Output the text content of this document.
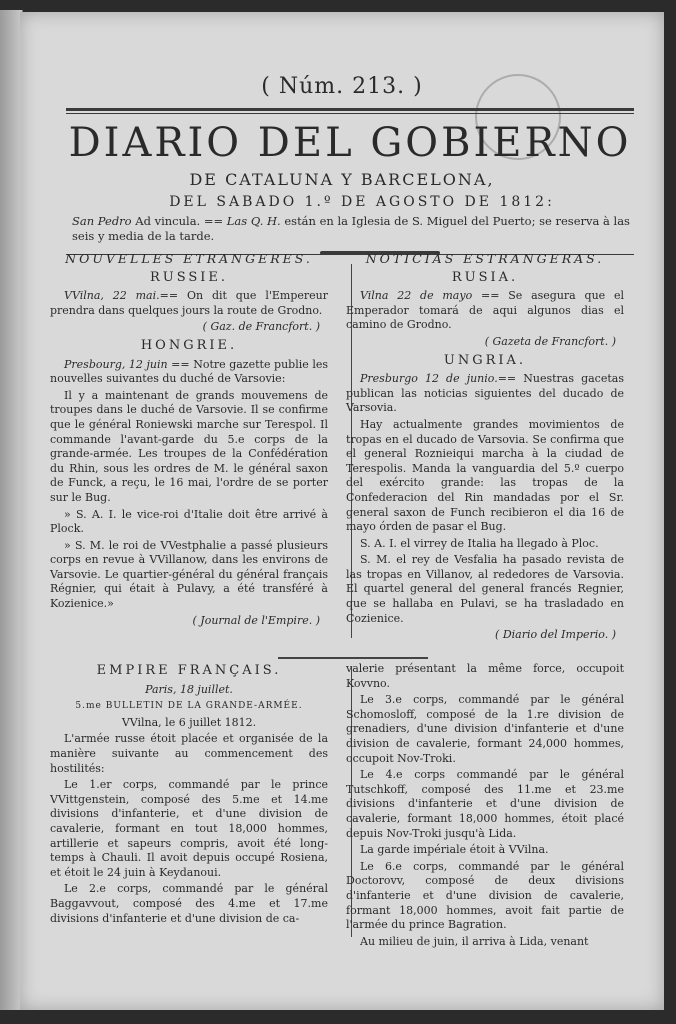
( Núm. 213. )
DIARIO DEL GOBIERNO
DE CATALUNA Y BARCELONA,
DEL SABADO 1.º DE AGOSTO DE 1812:
San Pedro Ad vincula. == Las Q. H. están en la Iglesia de S. Miguel del Puerto; se reserva à las seis y media de la tarde.

NOUVELLES ETRANGERES.

RUSSIE.

VVilna, 22 mai.== On dit que l'Empereur prendra dans quelques jours la route de Grodno.

( Gaz. de Francfort. )

HONGRIE.

Presbourg, 12 juin == Notre gazette publie les nouvelles suivantes du duché de Varsovie:

Il y a maintenant de grands mouvemens de troupes dans le duché de Varsovie. Il se confirme que le général Roniewski marche sur Terespol. Il commande l'avant-garde du 5.e corps de la grande-armée. Les troupes de la Confédération du Rhin, sous les ordres de M. le général saxon de Funck, a reçu, le 16 mai, l'ordre de se porter sur le Bug.

» S. A. I. le vice-roi d'Italie doit être arrivé à Plock.

» S. M. le roi de VVestphalie a passé plusieurs corps en revue à VVillanow, dans les environs de Varsovie. Le quartier-général du général français Régnier, qui était à Pulavy, a été transféré à Kozienice.»

( Journal de l'Empire. )

NOTICIAS ESTRANGERAS.

RUSIA.

Vilna 22 de mayo == Se asegura que el Emperador tomará de aqui algunos dias el camino de Grodno.

( Gazeta de Francfort. )

UNGRIA.

Presburgo 12 de junio.== Nuestras gacetas publican las noticias siguientes del ducado de Varsovia.

Hay actualmente grandes movimientos de tropas en el ducado de Varsovia. Se confirma que el general Roznieiqui marcha à la ciudad de Terespolis. Manda la vanguardia del 5.º cuerpo del exército grande: las tropas de la Confederacion del Rin mandadas por el Sr. general saxon de Funch recibieron el dia 16 de mayo órden de pasar el Bug.

S. A. I. el virrey de Italia ha llegado à Ploc.

S. M. el rey de Vesfalia ha pasado revista de las tropas en Villanov, al rededores de Varsovia. El quartel general del general francés Regnier, que se hallaba en Pulavi, se ha trasladado en Cozienice.

( Diario del Imperio. )

EMPIRE FRANÇAIS.

Paris, 18 juillet.

5.me BULLETIN DE LA GRANDE-ARMÉE.

VVilna, le 6 juillet 1812.

L'armée russe étoit placée et organisée de la manière suivante au commencement des hostilités:

Le 1.er corps, commandé par le prince VVittgenstein, composé des 5.me et 14.me divisions d'infanterie, et d'une division de cavalerie, formant en tout 18,000 hommes, artillerie et sapeurs compris, avoit été long-temps à Chauli. Il avoit depuis occupé Rosiena, et étoit le 24 juin à Keydanoui.

Le 2.e corps, commandé par le général Baggavvout, composé des 4.me et 17.me divisions d'infanterie et d'une division de ca-

valerie présentant la même force, occupoit Kovvno.

Le 3.e corps, commandé par le général Schomosloff, composé de la 1.re division de grenadiers, d'une division d'infanterie et d'une division de cavalerie, formant 24,000 hommes, occupoit Nov-Troki.

Le 4.e corps commandé par le général Tutschkoff, composé des 11.me et 23.me divisions d'infanterie et d'une division de cavalerie, formant 18,000 hommes, étoit placé depuis Nov-Troki jusqu'à Lida.

La garde impériale étoit à VVilna.

Le 6.e corps, commandé par le général Doctorovv, composé de deux divisions d'infanterie et d'une division de cavalerie, formant 18,000 hommes, avoit fait partie de l'armée du prince Bagration.

Au milieu de juin, il arriva à Lida, venant
